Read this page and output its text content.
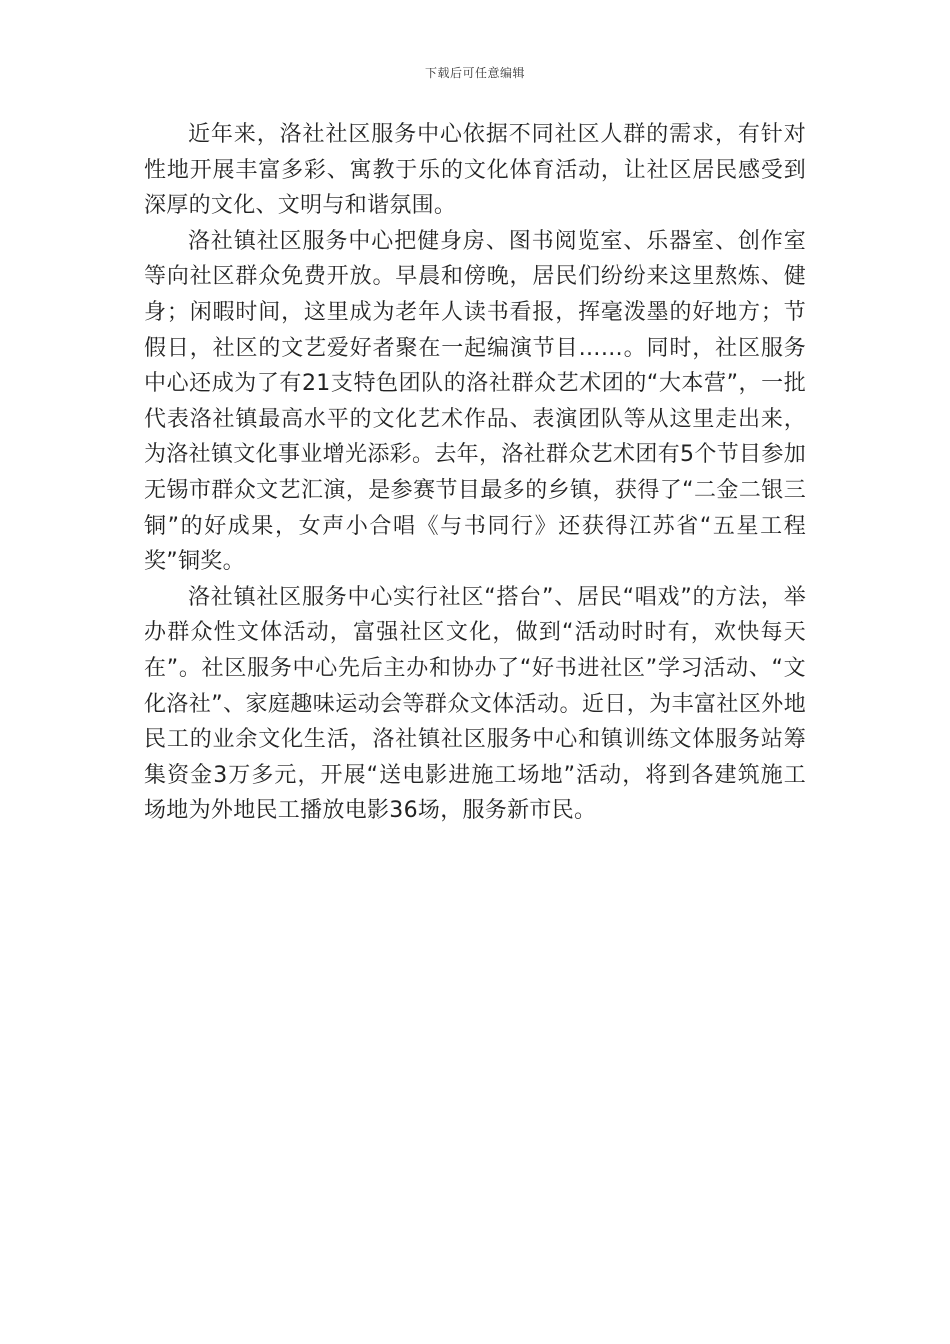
下载后可任意编辑

近年来，洛社社区服务中心依据不同社区人群的需求，有针对性地开展丰富多彩、寓教于乐的文化体育活动，让社区居民感受到深厚的文化、文明与和谐氛围。

洛社镇社区服务中心把健身房、图书阅览室、乐器室、创作室等向社区群众免费开放。早晨和傍晚，居民们纷纷来这里熬炼、健身；闲暇时间，这里成为老年人读书看报，挥毫泼墨的好地方；节假日，社区的文艺爱好者聚在一起编演节目……。同时，社区服务中心还成为了有21支特色团队的洛社群众艺术团的“大本营”，一批代表洛社镇最高水平的文化艺术作品、表演团队等从这里走出来，为洛社镇文化事业增光添彩。去年，洛社群众艺术团有5个节目参加无锡市群众文艺汇演，是参赛节目最多的乡镇，获得了“二金二银三铜”的好成果，女声小合唱《与书同行》还获得江苏省“五星工程奖”铜奖。

洛社镇社区服务中心实行社区“搭台”、居民“唱戏”的方法，举办群众性文体活动，富强社区文化，做到“活动时时有，欢快每天在”。社区服务中心先后主办和协办了“好书进社区”学习活动、“文化洛社”、家庭趣味运动会等群众文体活动。近日，为丰富社区外地民工的业余文化生活，洛社镇社区服务中心和镇训练文体服务站筹集资金3万多元，开展“送电影进施工场地”活动，将到各建筑施工场地为外地民工播放电影36场，服务新市民。
